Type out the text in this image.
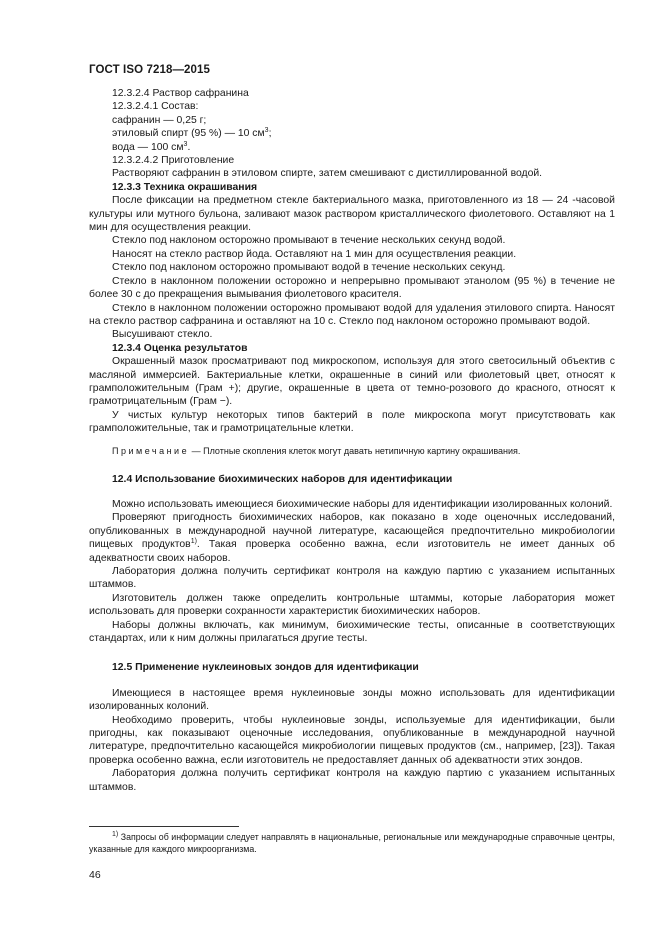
ГОСТ ISO 7218—2015

12.3.2.4 Раствор сафранина

12.3.2.4.1 Состав:

сафранин — 0,25 г;

этиловый спирт (95 %) — 10 $см^3$;

вода — 100 $см^3$.

12.3.2.4.2 Приготовление

Растворяют сафранин в этиловом спирте, затем смешивают с дистиллированной водой.

12.3.3 Техника окрашивания

После фиксации на предметном стекле бактериального мазка, приготовленного из 18 — 24 -часовой культуры или мутного бульона, заливают мазок раствором кристаллического фиолетового. Оставляют на 1 мин для осуществления реакции.

Стекло под наклоном осторожно промывают в течение нескольких секунд водой.

Наносят на стекло раствор йода. Оставляют на 1 мин для осуществления реакции.

Стекло под наклоном осторожно промывают водой в течение нескольких секунд.

Стекло в наклонном положении осторожно и непрерывно промывают этанолом (95 %) в течение не более 30 с до прекращения вымывания фиолетового красителя.

Стекло в наклонном положении осторожно промывают водой для удаления этилового спирта. Наносят на стекло раствор сафранина и оставляют на 10 с. Стекло под наклоном осторожно промывают водой.

Высушивают стекло.

12.3.4 Оценка результатов

Окрашенный мазок просматривают под микроскопом, используя для этого светосильный объектив с масляной иммерсией. Бактериальные клетки, окрашенные в синий или фиолетовый цвет, относят к грамположительным (Грам +); другие, окрашенные в цвета от темно-розового до красного, относят к грамотрицательным (Грам −).

У чистых культур некоторых типов бактерий в поле микроскопа могут присутствовать как грамположительные, так и грамотрицательные клетки.

Примечание — Плотные скопления клеток могут давать нетипичную картину окрашивания.

12.4 Использование биохимических наборов для идентификации

Можно использовать имеющиеся биохимические наборы для идентификации изолированных колоний.

Проверяют пригодность биохимических наборов, как показано в ходе оценочных исследований, опубликованных в международной научной литературе, касающейся предпочтительно микробиологии пищевых продуктов$^{1)}$. Такая проверка особенно важна, если изготовитель не имеет данных об адекватности своих наборов.

Лаборатория должна получить сертификат контроля на каждую партию с указанием испытанных штаммов.

Изготовитель должен также определить контрольные штаммы, которые лаборатория может использовать для проверки сохранности характеристик биохимических наборов.

Наборы должны включать, как минимум, биохимические тесты, описанные в соответствующих стандартах, или к ним должны прилагаться другие тесты.

12.5 Применение нуклеиновых зондов для идентификации

Имеющиеся в настоящее время нуклеиновые зонды можно использовать для идентификации изолированных колоний.

Необходимо проверить, чтобы нуклеиновые зонды, используемые для идентификации, были пригодны, как показывают оценочные исследования, опубликованные в международной научной литературе, предпочтительно касающейся микробиологии пищевых продуктов (см., например, [23]). Такая проверка особенно важна, если изготовитель не предоставляет данных об адекватности этих зондов.

Лаборатория должна получить сертификат контроля на каждую партию с указанием испытанных штаммов.

$^{1)}$ Запросы об информации следует направлять в национальные, региональные или международные справочные центры, указанные для каждого микроорганизма.
46
